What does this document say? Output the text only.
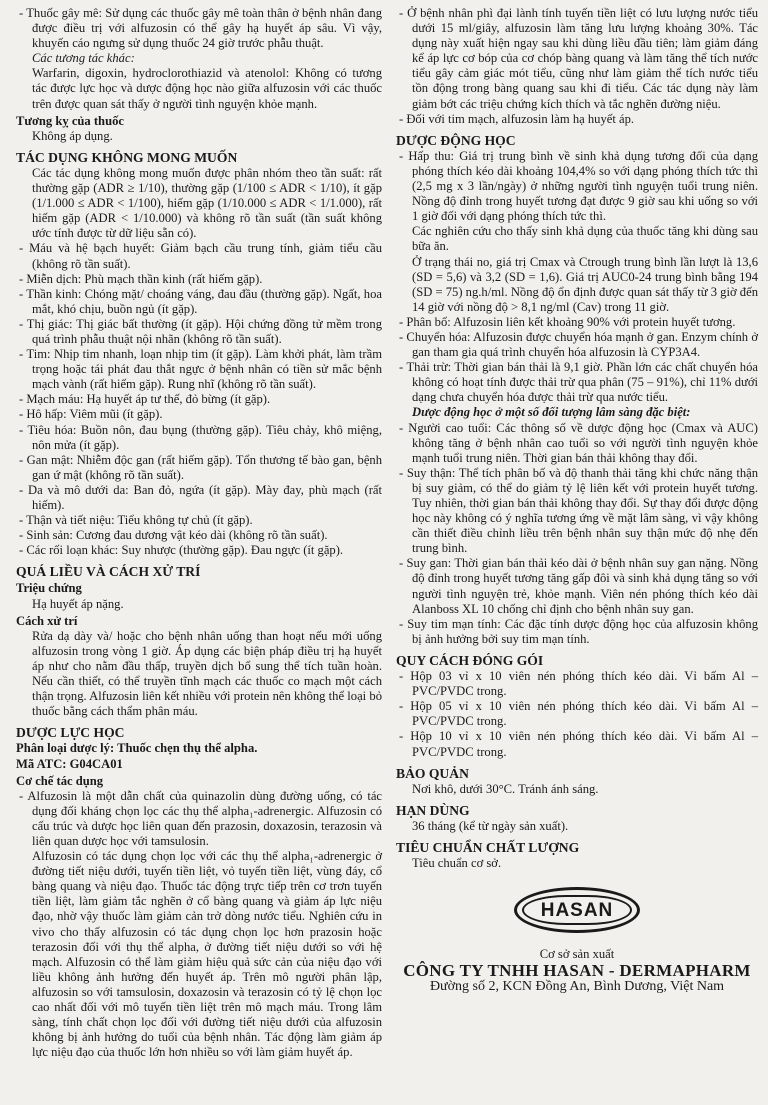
- Thuốc gây mê: Sử dụng các thuốc gây mê toàn thân ở bệnh nhân đang được điều trị với alfuzosin có thể gây hạ huyết áp sâu. Vì vậy, khuyến cáo ngưng sử dụng thuốc 24 giờ trước phẫu thuật.

Các tương tác khác:

Warfarin, digoxin, hydroclorothiazid và atenolol: Không có tương tác được lực học và dược động học nào giữa alfuzosin với các thuốc trên được quan sát thấy ở người tình nguyện khỏe mạnh.

Tương kỵ của thuốc

Không áp dụng.

TÁC DỤNG KHÔNG MONG MUỐN

Các tác dụng không mong muốn được phân nhóm theo tần suất: rất thường gặp (ADR ≥ 1/10), thường gặp (1/100 ≤ ADR < 1/10), ít gặp (1/1.000 ≤ ADR < 1/100), hiếm gặp (1/10.000 ≤ ADR < 1/1.000), rất hiếm gặp (ADR < 1/10.000) và không rõ tần suất (tần suất không ước tính được từ dữ liệu sẵn có).

- Máu và hệ bạch huyết: Giảm bạch cầu trung tính, giảm tiểu cầu (không rõ tần suất).

- Miễn dịch: Phù mạch thần kinh (rất hiếm gặp).

- Thần kinh: Chóng mặt/ choáng váng, đau đầu (thường gặp). Ngất, hoa mắt, khó chịu, buồn ngủ (ít gặp).

- Thị giác: Thị giác bất thường (ít gặp). Hội chứng đồng tử mềm trong quá trình phẫu thuật nội nhãn (không rõ tần suất).

- Tim: Nhịp tim nhanh, loạn nhịp tim (ít gặp). Làm khởi phát, làm trầm trọng hoặc tái phát đau thắt ngực ở bệnh nhân có tiền sử mắc bệnh mạch vành (rất hiếm gặp). Rung nhĩ (không rõ tần suất).

- Mạch máu: Hạ huyết áp tư thế, đỏ bừng (ít gặp).

- Hô hấp: Viêm mũi (ít gặp).

- Tiêu hóa: Buồn nôn, đau bụng (thường gặp). Tiêu chảy, khô miệng, nôn mửa (ít gặp).

- Gan mật: Nhiễm độc gan (rất hiếm gặp). Tổn thương tế bào gan, bệnh gan ứ mật (không rõ tần suất).

- Da và mô dưới da: Ban đỏ, ngứa (ít gặp). Mày đay, phù mạch (rất hiếm).

- Thận và tiết niệu: Tiểu không tự chủ (ít gặp).

- Sinh sản: Cương đau dương vật kéo dài (không rõ tần suất).

- Các rối loạn khác: Suy nhược (thường gặp). Đau ngực (ít gặp).

QUÁ LIỀU VÀ CÁCH XỬ TRÍ
Triệu chứng

Hạ huyết áp nặng.

Cách xử trí

Rửa dạ dày và/ hoặc cho bệnh nhân uống than hoạt nếu mới uống alfuzosin trong vòng 1 giờ. Áp dụng các biện pháp điều trị hạ huyết áp như cho nằm đầu thấp, truyền dịch bổ sung thể tích tuần hoàn. Nếu cần thiết, có thể truyền tĩnh mạch các thuốc co mạch một cách thận trọng. Alfuzosin liên kết nhiều với protein nên không thể loại bỏ thuốc bằng cách thẩm phân máu.

DƯỢC LỰC HỌC

Phân loại dược lý: Thuốc chẹn thụ thể alpha.

Mã ATC: G04CA01

Cơ chế tác dụng

- Alfuzosin là một dẫn chất của quinazolin dùng đường uống, có tác dụng đối kháng chọn lọc các thụ thể alpha₁-adrenergic. Alfuzosin có cấu trúc và dược học liên quan đến prazosin, doxazosin, terazosin và liên quan dược học với tamsulosin.

Alfuzosin có tác dụng chọn lọc với các thụ thể alpha₁-adrenergic ở đường tiết niệu dưới, tuyến tiền liệt, vỏ tuyến tiền liệt, vùng đáy, cổ bàng quang và niệu đạo. Thuốc tác động trực tiếp trên cơ trơn tuyến tiền liệt, làm giảm tắc nghẽn ở cổ bàng quang và giảm áp lực niệu đạo, nhờ vậy thuốc làm giảm cản trở dòng nước tiểu. Nghiên cứu in vivo cho thấy alfuzosin có tác dụng chọn lọc hơn prazosin hoặc terazosin đối với thụ thể alpha, ở đường tiết niệu dưới so với hệ mạch. Alfuzosin có thể làm giảm hiệu quả sức cản của niệu đạo với liều không ảnh hưởng đến huyết áp. Trên mô người phân lập, alfuzosin so với tamsulosin, doxazosin và terazosin có tỷ lệ chọn lọc cao nhất đối với mô tuyến tiền liệt trên mô mạch máu. Trong lâm sàng, tính chất chọn lọc đối với đường tiết niệu dưới của alfuzosin không bị ảnh hưởng do tuổi của bệnh nhân. Tác động làm giảm áp lực niệu đạo của thuốc lớn hơn nhiều so với làm giảm huyết áp.

- Ở bệnh nhân phì đại lành tính tuyến tiền liệt có lưu lượng nước tiểu dưới 15 ml/giây, alfuzosin làm tăng lưu lượng khoảng 30%. Tác dụng này xuất hiện ngay sau khi dùng liều đầu tiên; làm giảm đáng kể áp lực cơ bóp của cơ chóp bàng quang và làm tăng thể tích nước tiểu gây cảm giác mót tiểu, cũng như làm giảm thể tích nước tiểu tồn động trong bàng quang sau khi đi tiểu. Các tác dụng này làm giảm bớt các triệu chứng kích thích và tắc nghẽn đường niệu.

- Đối với tim mạch, alfuzosin làm hạ huyết áp.

DƯỢC ĐỘNG HỌC

- Hấp thu: Giá trị trung bình về sinh khả dụng tương đối của dạng phóng thích kéo dài khoảng 104,4% so với dạng phóng thích tức thì (2,5 mg x 3 lần/ngày) ở những người tình nguyện tuổi trung niên. Nồng độ đỉnh trong huyết tương đạt được 9 giờ sau khi uống so với 1 giờ đối với dạng phóng thích tức thì.

Các nghiên cứu cho thấy sinh khả dụng của thuốc tăng khi dùng sau bữa ăn.

Ở trạng thái no, giá trị Cmax và Ctrough trung bình lần lượt là 13,6 (SD = 5,6) và 3,2 (SD = 1,6). Giá trị AUC0-24 trung bình bằng 194 (SD = 75) ng.h/ml. Nồng độ ổn định được quan sát thấy từ 3 giờ đến 14 giờ với nồng độ > 8,1 ng/ml (Cav) trong 11 giờ.

- Phân bố: Alfuzosin liên kết khoảng 90% với protein huyết tương.

- Chuyển hóa: Alfuzosin được chuyển hóa mạnh ở gan. Enzym chính ở gan tham gia quá trình chuyển hóa alfuzosin là CYP3A4.

- Thải trừ: Thời gian bán thải là 9,1 giờ. Phần lớn các chất chuyển hóa không có hoạt tính được thải trừ qua phân (75 – 91%), chỉ 11% dưới dạng chưa chuyển hóa được thải trừ qua nước tiểu.

Dược động học ở một số đối tượng lâm sàng đặc biệt:

- Người cao tuổi: Các thông số về dược động học (Cmax và AUC) không tăng ở bệnh nhân cao tuổi so với người tình nguyện khỏe mạnh tuổi trung niên. Thời gian bán thải không thay đổi.

- Suy thận: Thể tích phân bố và độ thanh thải tăng khi chức năng thận bị suy giảm, có thể do giảm tỷ lệ liên kết với protein huyết tương. Tuy nhiên, thời gian bán thải không thay đổi. Sự thay đổi được động học này không có ý nghĩa tương ứng về mặt lâm sàng, vì vậy không cần thiết điều chỉnh liều trên bệnh nhân suy thận mức độ nhẹ đến trung bình.

- Suy gan: Thời gian bán thải kéo dài ở bệnh nhân suy gan nặng. Nồng độ đỉnh trong huyết tương tăng gấp đôi và sinh khả dụng tăng so với người tình nguyện trẻ, khỏe mạnh. Viên nén phóng thích kéo dài Alanboss XL 10 chống chỉ định cho bệnh nhân suy gan.

- Suy tim mạn tính: Các đặc tính dược động học của alfuzosin không bị ảnh hưởng bởi suy tim mạn tính.

QUY CÁCH ĐÓNG GÓI

- Hộp 03 vỉ x 10 viên nén phóng thích kéo dài. Vỉ bấm Al – PVC/PVDC trong.

- Hộp 05 vỉ x 10 viên nén phóng thích kéo dài. Vỉ bấm Al – PVC/PVDC trong.

- Hộp 10 vỉ x 10 viên nén phóng thích kéo dài. Vỉ bấm Al – PVC/PVDC trong.

BẢO QUẢN

Nơi khô, dưới 30°C. Tránh ánh sáng.

HẠN DÙNG

36 tháng (kể từ ngày sản xuất).

TIÊU CHUẨN CHẤT LƯỢNG

Tiêu chuẩn cơ sở.

HASAN
Cơ sở sản xuất
CÔNG TY TNHH HASAN - DERMAPHARM
Đường số 2, KCN Đồng An, Bình Dương, Việt Nam
